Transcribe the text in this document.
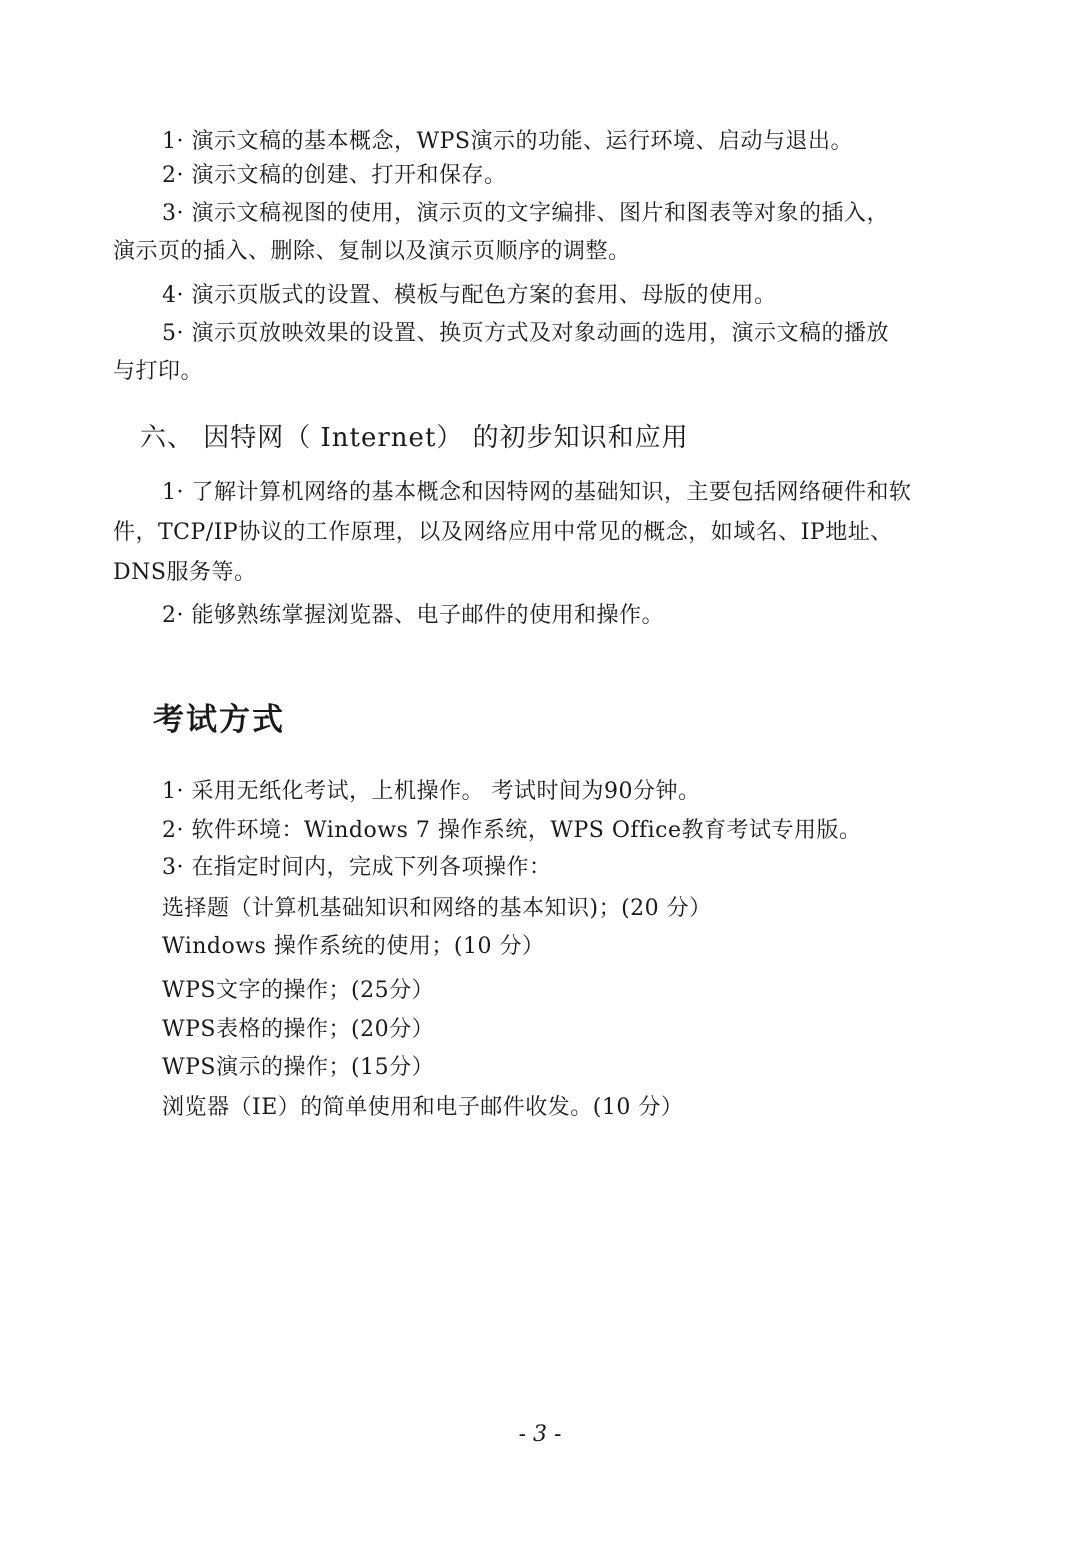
1· 演示文稿的基本概念，WPS演示的功能、运行环境、启动与退出。
2· 演示文稿的创建、打开和保存。
3· 演示文稿视图的使用，演示页的文字编排、图片和图表等对象的插入，
演示页的插入、删除、复制以及演示页顺序的调整。
4· 演示页版式的设置、模板与配色方案的套用、母版的使用。
5· 演示页放映效果的设置、换页方式及对象动画的选用，演示文稿的播放
与打印。
六、 因特网（ Internet） 的初步知识和应用
1· 了解计算机网络的基本概念和因特网的基础知识，主要包括网络硬件和软
件，TCP/IP协议的工作原理，以及网络应用中常见的概念，如域名、IP地址、
DNS服务等。
2· 能够熟练掌握浏览器、电子邮件的使用和操作。
考试方式
1· 采用无纸化考试，上机操作。 考试时间为90分钟。
2· 软件环境：Windows 7 操作系统，WPS Office教育考试专用版。
3· 在指定时间内，完成下列各项操作：
选择题（计算机基础知识和网络的基本知识)；(20 分）
Windows 操作系统的使用；(10 分）
WPS文字的操作；(25分）
WPS表格的操作；(20分）
WPS演示的操作；(15分）
浏览器（IE）的简单使用和电子邮件收发。(10 分）
- 3 -
